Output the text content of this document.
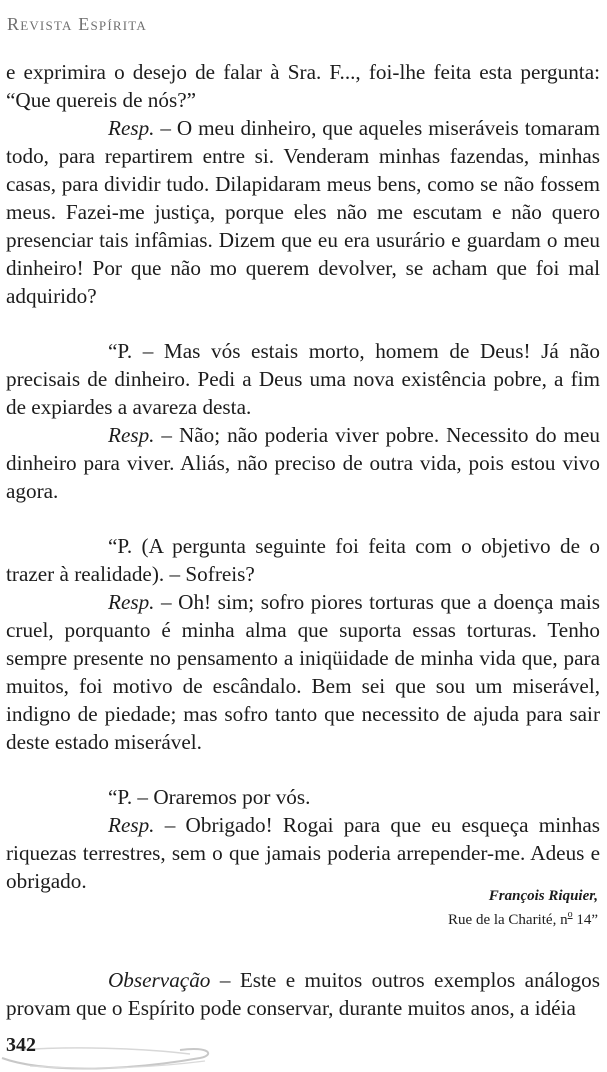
Revista Espírita

e exprimira o desejo de falar à Sra. F..., foi-lhe feita esta pergunta: “Que quereis de nós?”

Resp. – O meu dinheiro, que aqueles miseráveis tomaram todo, para repartirem entre si. Venderam minhas fazendas, minhas casas, para dividir tudo. Dilapidaram meus bens, como se não fossem meus. Fazei-me justiça, porque eles não me escutam e não quero presenciar tais infâmias. Dizem que eu era usurário e guardam o meu dinheiro! Por que não mo querem devolver, se acham que foi mal adquirido?

“P. – Mas vós estais morto, homem de Deus! Já não precisais de dinheiro. Pedi a Deus uma nova existência pobre, a fim de expiardes a avareza desta.

Resp. – Não; não poderia viver pobre. Necessito do meu dinheiro para viver. Aliás, não preciso de outra vida, pois estou vivo agora.

“P. (A pergunta seguinte foi feita com o objetivo de o trazer à realidade). – Sofreis?

Resp. – Oh! sim; sofro piores torturas que a doença mais cruel, porquanto é minha alma que suporta essas torturas. Tenho sempre presente no pensamento a iniqüidade de minha vida que, para muitos, foi motivo de escândalo. Bem sei que sou um miserável, indigno de piedade; mas sofro tanto que necessito de ajuda para sair deste estado miserável.

“P. – Oraremos por vós.

Resp. – Obrigado! Rogai para que eu esqueça minhas riquezas terrestres, sem o que jamais poderia arrepender-me. Adeus e obrigado.

François Riquier,
Rue de la Charité, no 14”

Observação – Este e muitos outros exemplos análogos provam que o Espírito pode conservar, durante muitos anos, a idéia

342
